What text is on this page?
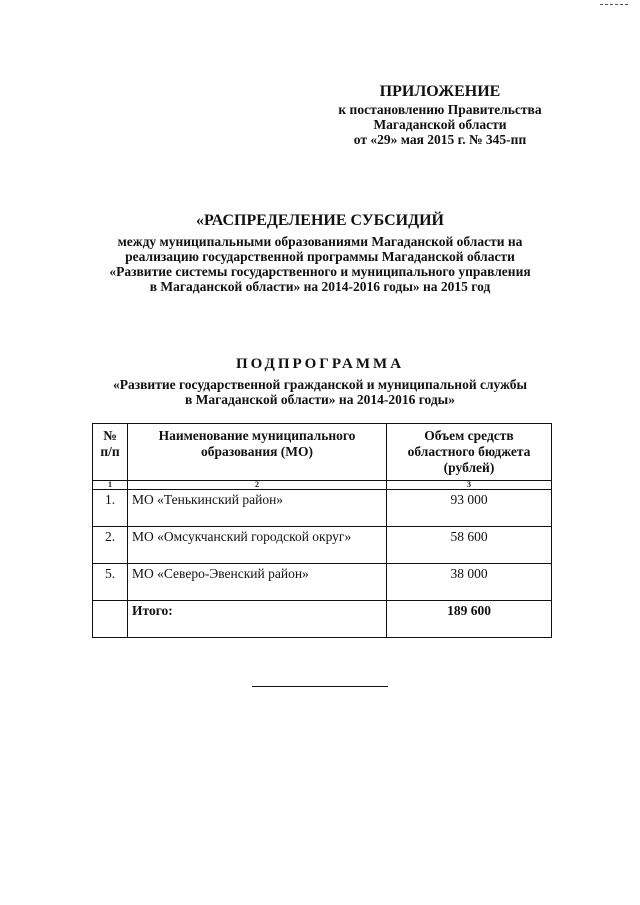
ПРИЛОЖЕНИЕ
к постановлению Правительства
Магаданской области
от «29» мая 2015 г. № 345-пп
«РАСПРЕДЕЛЕНИЕ СУБСИДИЙ
между муниципальными образованиями Магаданской области на
реализацию государственной программы Магаданской области
«Развитие системы государственного и муниципального управления
в Магаданской области» на 2014-2016 годы» на 2015 год
ПОДПРОГРАММА
«Развитие государственной гражданской и муниципальной службы
в Магаданской области» на 2014-2016 годы»
№ п/п	Наименование муниципального образования (МО)	Объем средств областного бюджета (рублей)
1	2	3
1.	МО «Тенькинский район»	93 000
2.	МО «Омсукчанский городской округ»	58 600
5.	МО «Северо-Эвенский район»	38 000
	Итого:	189 600
